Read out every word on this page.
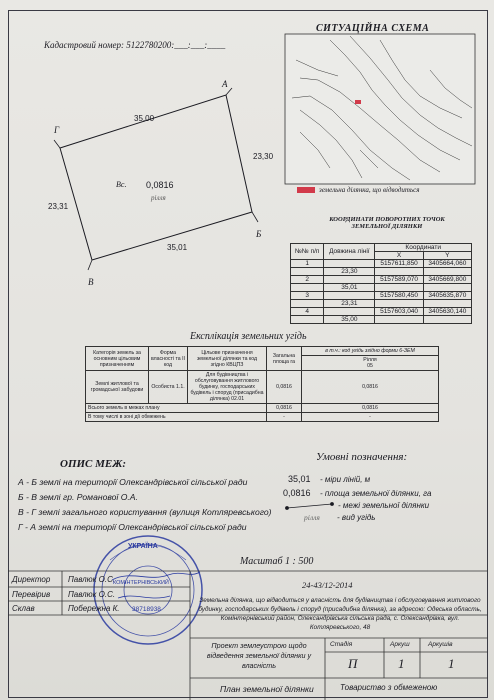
Кадастровий номер: 5122780200:___:___:____
СИТУАЦІЙНА СХЕМА
А
Б
В
Г
35,00
23,30
35,01
23,31
Вс. 0,0816
рілля
земельна ділянка, що відводиться
КООРДИНАТИ ПОВОРОТНИХ ТОЧОК ЗЕМЕЛЬНОЇ ДІЛЯНКИ
№№ п/п	Довжина лінії	Координати	
		X	Y
1		5157611,850	3405664,060
	23,30		
2		5157589,070	3405669,800
	35,01		
3		5157580,450	3405635,870
	23,31		
4		5157603,040	3405630,140
	35,00		
Експлікація земельних угідь
Категорія земель за основним цільовим призначенням	Форма власності та ІІ код	Цільове призначення земельної ділянки та код згідно КВЦПЗ	Загальна площа га	в т.ч.: код угідь згідно форми 6-ЗЕМ
				Рілля
05
Землі житлової та громадської забудови	Особиста 1.1.	Для будівництва і обслуговування житлового будинку, господарських будівель і споруд (присадибна ділянка) 02.01	0,0816	0,0816
Всього земель в межах плану			0,0816	0,0816
В тому числі в зоні дії обмежень			-	-
ОПИС МЕЖ:
А - Б землі на території Олександрівської сільської ради
Б - В землі гр. Романової О.А.
В - Г землі загального користування (вулиця Котляревського)
Г - А землі на території Олександрівської сільської ради
Умовні позначення:
35,01 - міри ліній, м
0,0816 - площа земельної ділянки, га
- межі земельної ділянки
рілля - вид угідь
Масштаб 1 : 500
24-43/12-2014
Директор Павлюк О.С.
Перевірив Павлюк О.С.
Склав	Побережна К.
УКРАЇНА
КОМІНТЕРНІВСЬКИЙ
38718938
Земельна ділянка, що відводиться у власність для будівництва і обслуговування житлового будинку, господарських будівель і споруд (присадибна ділянка), за адресою: Одеська область, Комінтернівський район, Олександрівська сільська рада, с. Олександрівка, вул. Котляревського, 48
Проект землеустрою щодо відведення земельної ділянки у власність
Стадія	Аркуш	Аркушів
П	1	1
План земельної ділянки	Товариство з обмеженою
